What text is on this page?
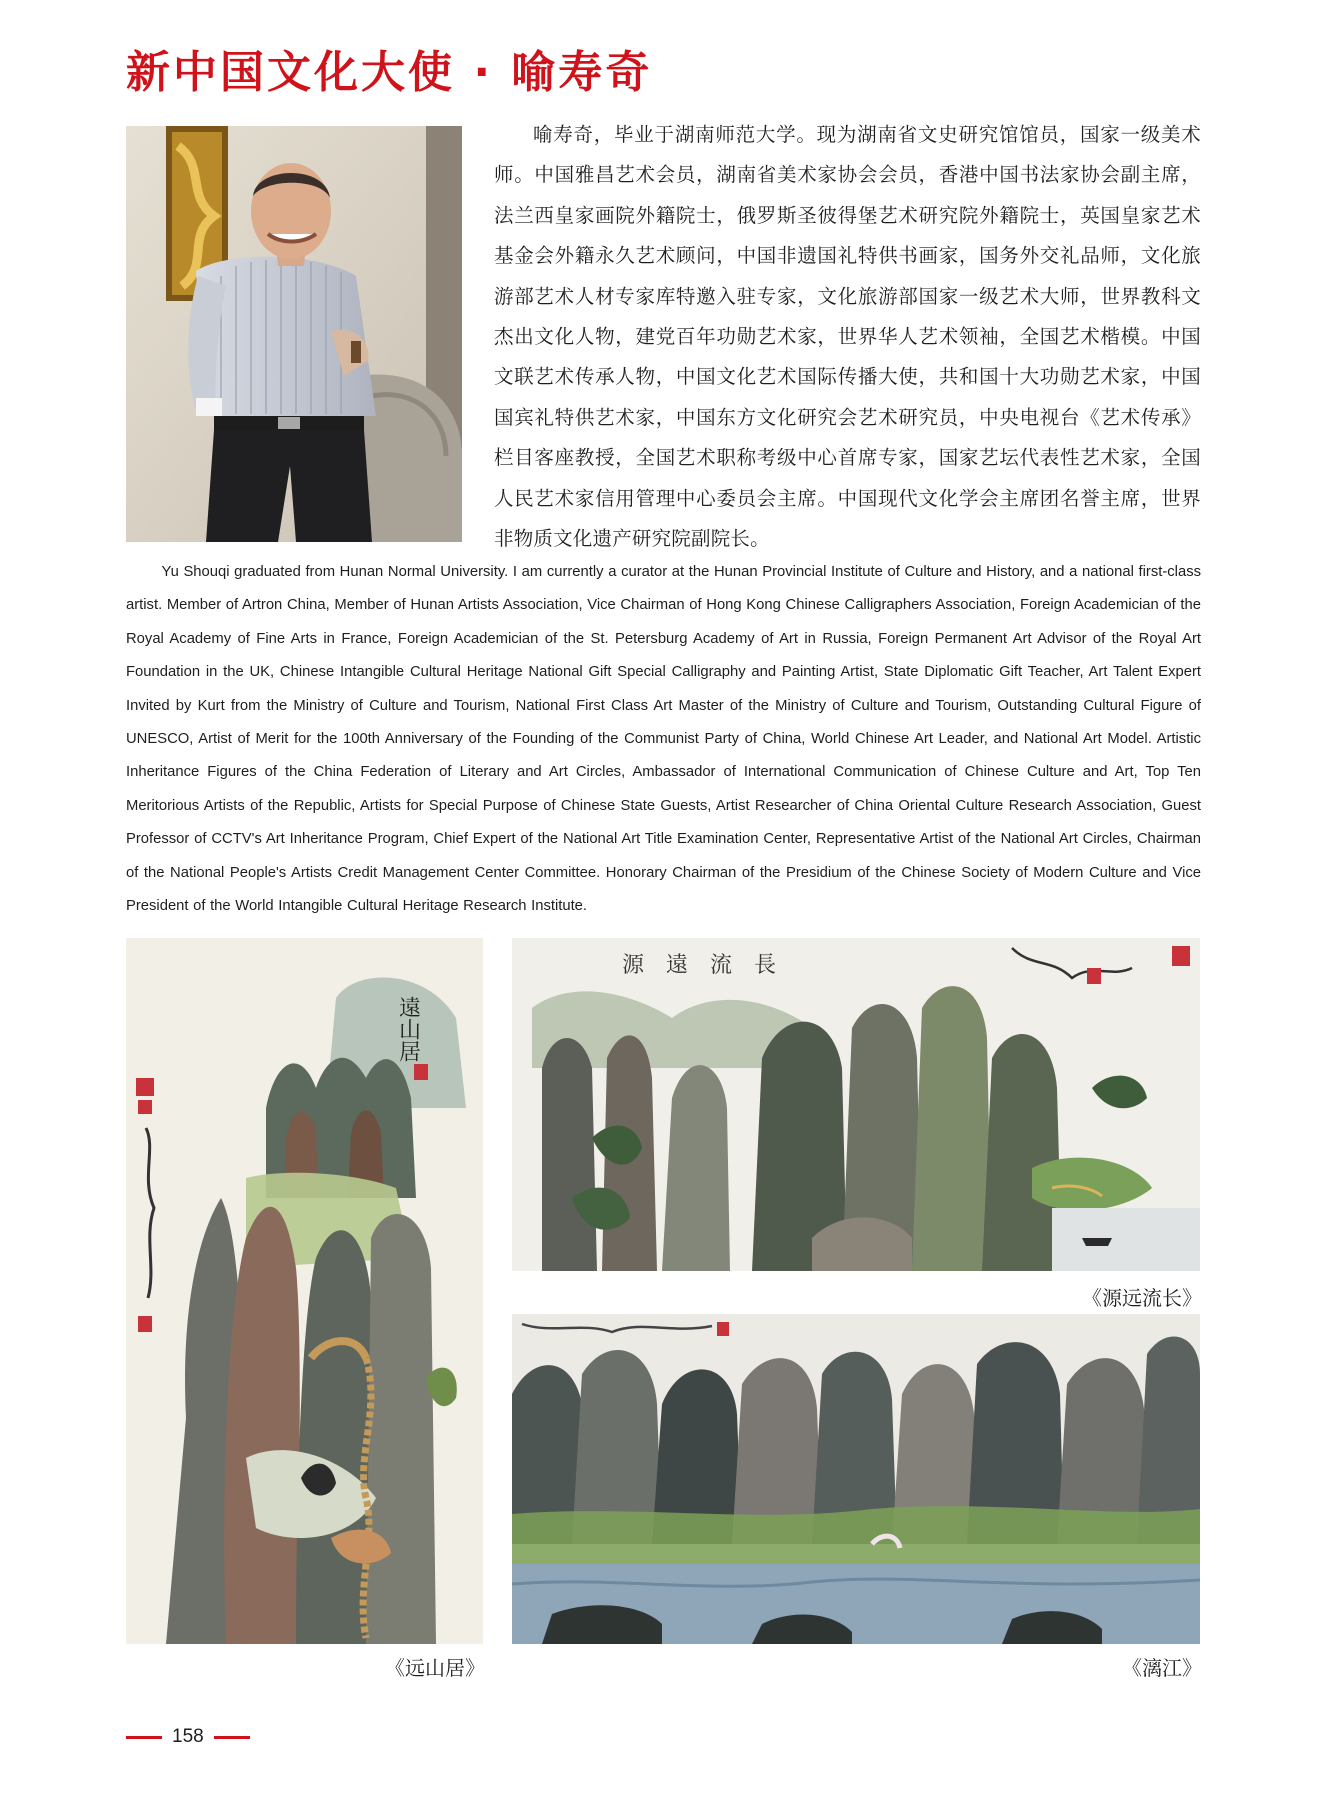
新中国文化大使 · 喻寿奇

喻寿奇，毕业于湖南师范大学。现为湖南省文史研究馆馆员，国家一级美术师。中国雅昌艺术会员，湖南省美术家协会会员，香港中国书法家协会副主席，法兰西皇家画院外籍院士，俄罗斯圣彼得堡艺术研究院外籍院士，英国皇家艺术基金会外籍永久艺术顾问，中国非遗国礼特供书画家，国务外交礼品师，文化旅游部艺术人材专家库特邀入驻专家，文化旅游部国家一级艺术大师，世界教科文杰出文化人物，建党百年功勋艺术家，世界华人艺术领袖，全国艺术楷模。中国文联艺术传承人物，中国文化艺术国际传播大使，共和国十大功勋艺术家，中国国宾礼特供艺术家，中国东方文化研究会艺术研究员，中央电视台《艺术传承》栏目客座教授，全国艺术职称考级中心首席专家，国家艺坛代表性艺术家，全国人民艺术家信用管理中心委员会主席。中国现代文化学会主席团名誉主席，世界非物质文化遗产研究院副院长。

Yu Shouqi graduated from Hunan Normal University. I am currently a curator at the Hunan Provincial Institute of Culture and History, and a national first-class artist. Member of Artron China, Member of Hunan Artists Association, Vice Chairman of Hong Kong Chinese Calligraphers Association, Foreign Academician of the Royal Academy of Fine Arts in France, Foreign Academician of the St. Petersburg Academy of Art in Russia, Foreign Permanent Art Advisor of the Royal Art Foundation in the UK, Chinese Intangible Cultural Heritage National Gift Special Calligraphy and Painting Artist, State Diplomatic Gift Teacher, Art Talent Expert Invited by Kurt from the Ministry of Culture and Tourism, National First Class Art Master of the Ministry of Culture and Tourism, Outstanding Cultural Figure of UNESCO, Artist of Merit for the 100th Anniversary of the Founding of the Communist Party of China, World Chinese Art Leader, and National Art Model. Artistic Inheritance Figures of the China Federation of Literary and Art Circles, Ambassador of International Communication of Chinese Culture and Art, Top Ten Meritorious Artists of the Republic, Artists for Special Purpose of Chinese State Guests, Artist Researcher of China Oriental Culture Research Association, Guest Professor of CCTV's Art Inheritance Program, Chief Expert of the National Art Title Examination Center, Representative Artist of the National Art Circles, Chairman of the National People's Artists Credit Management Center Committee. Honorary Chairman of the Presidium of the Chinese Society of Modern Culture and Vice President of the World Intangible Cultural Heritage Research Institute.

遠山居
源遠流長
《远山居》
《源远流长》
《漓江》
158
